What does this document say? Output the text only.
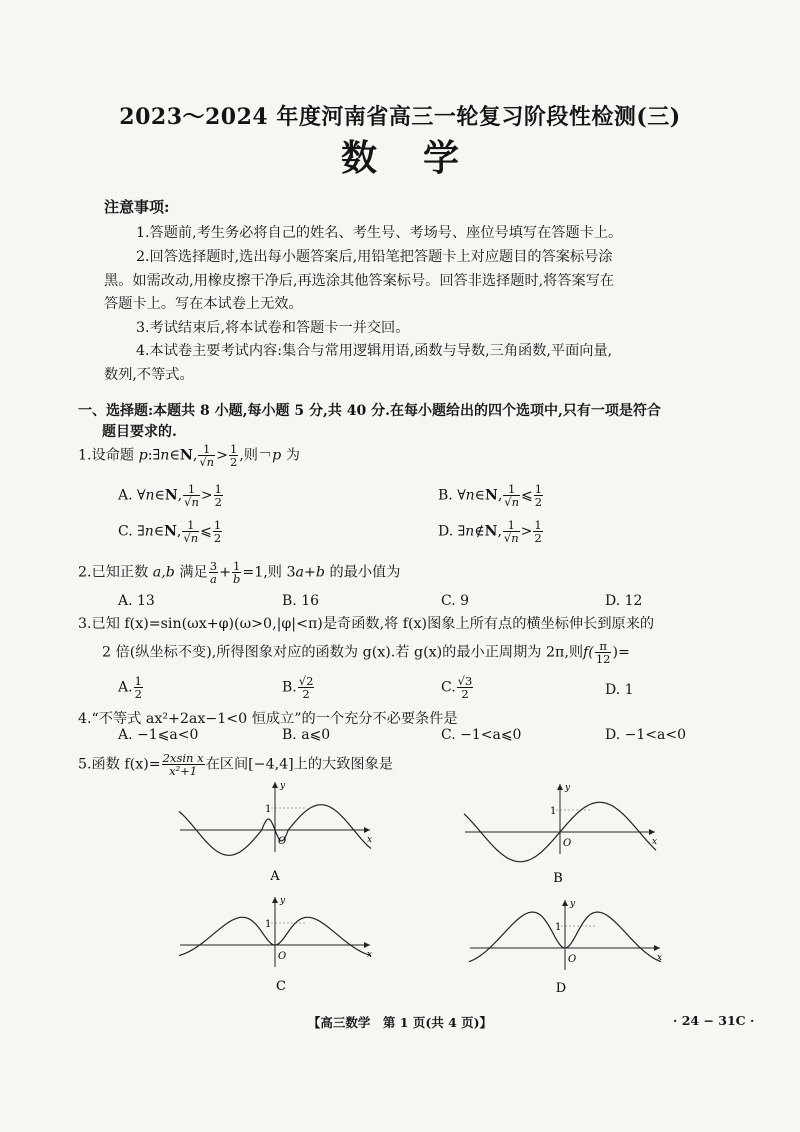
2023～2024 年度河南省高三一轮复习阶段性检测(三)
数学
注意事项:
1.答题前,考生务必将自己的姓名、考生号、考场号、座位号填写在答题卡上。
2.回答选择题时,选出每小题答案后,用铅笔把答题卡上对应题目的答案标号涂
黑。如需改动,用橡皮擦干净后,再选涂其他答案标号。回答非选择题时,将答案写在
答题卡上。写在本试卷上无效。
3.考试结束后,将本试卷和答题卡一并交回。
4.本试卷主要考试内容:集合与常用逻辑用语,函数与导数,三角函数,平面向量,
数列,不等式。
一、选择题:本题共 8 小题,每小题 5 分,共 40 分.在每小题给出的四个选项中,只有一项是符合
题目要求的.
1.设命题 p:∃n∈N, $\frac{1}{√n} > \frac{1}{2}$ ,则￢p 为
A. ∀n∈N, $\frac{1}{√n} > \frac{1}{2}$	B. ∀n∈N, $\frac{1}{√n}$ ⩽ $\frac{1}{2}$
C. ∃n∈N, $\frac{1}{√n}$ ⩽ $\frac{1}{2}$	D. ∃n∉N, $\frac{1}{√n} > \frac{1}{2}$
2.已知正数 a,b 满足 $\frac{3}{a} + \frac{1}{b} =1$,则 3a+b 的最小值为
A. 13	B. 16	C. 9	D. 12
3.已知 f(x)=sin(ωx+φ)(ω>0,|φ|<π)是奇函数,将 f(x)图象上所有点的横坐标伸长到原来的
2 倍(纵坐标不变),所得图象对应的函数为 g(x).若 g(x)的最小正周期为 2π,则$f( \frac{\pi}{12}$ )=
A. $\frac{1}{2}$	B. $\frac{√2}{2}$	C. $\frac{√3}{2}$	D. 1
4.“不等式 ax²+2ax−1<0 恒成立”的一个充分不必要条件是
A. −1⩽a<0	B. a⩽0	C. −1<a⩽0	D. −1<a<0
5.函数 $f(x)= \frac{\text{2xsin x}}{\text{x²+1}}$ 在区间[−4,4]上的大致图象是
1
O	x
y
A
1
O	x
y
B
1
O	x
y
C
1
O	x
y
D
【高三数学　第 1 页(共 4 页)】	· 24 − 31C ·
